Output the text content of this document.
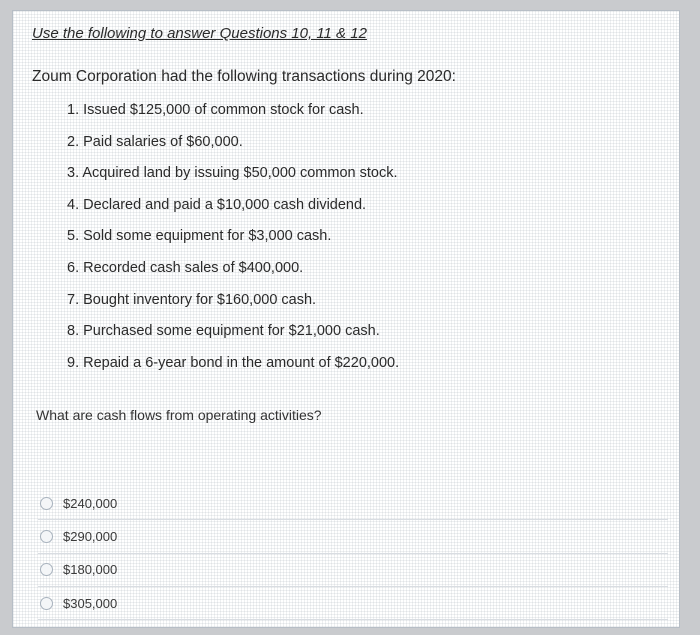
Use the following to answer Questions 10, 11 & 12
Zoum Corporation had the following transactions during 2020:
1. Issued $125,000 of common stock for cash.
2. Paid salaries of $60,000.
3. Acquired land by issuing $50,000 common stock.
4. Declared and paid a $10,000 cash dividend.
5. Sold some equipment for $3,000 cash.
6. Recorded cash sales of $400,000.
7. Bought inventory for $160,000 cash.
8. Purchased some equipment for $21,000 cash.
9. Repaid a 6-year bond in the amount of $220,000.
What are cash flows from operating activities?
$240,000
$290,000
$180,000
$305,000
